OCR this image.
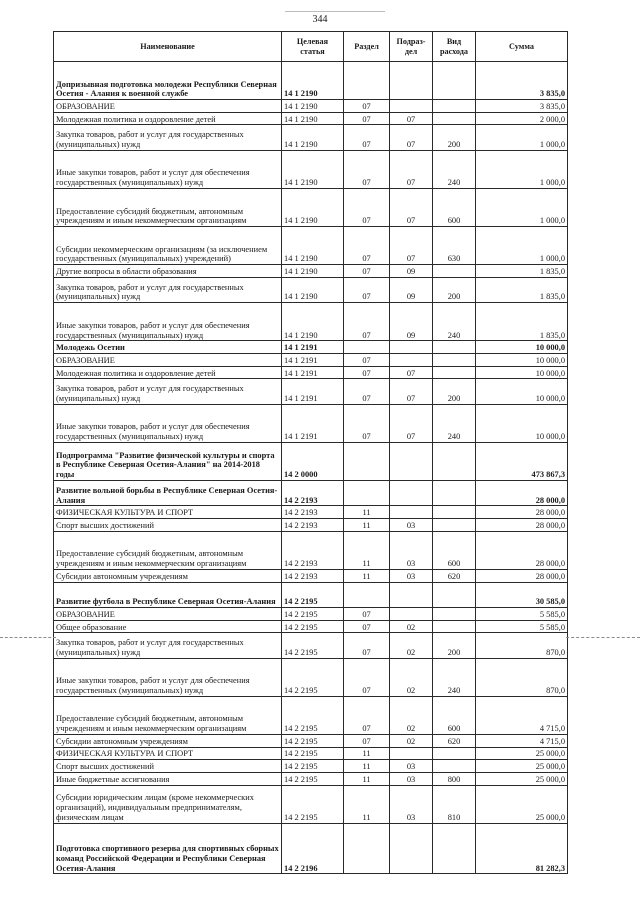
344
Наименование	Целевая статья	Раздел	Подраз-дел	Вид расхода	Сумма
Допризывная подготовка молодежи Республики Северная Осетия - Алания к военной службе	14 1 2190				3 835,0
ОБРАЗОВАНИЕ	14 1 2190	07			3 835,0
Молодежная политика и оздоровление детей	14 1 2190	07	07		2 000,0
Закупка товаров, работ и услуг для государственных (муниципальных) нужд	14 1 2190	07	07	200	1 000,0
Иные закупки товаров, работ и услуг для обеспечения государственных (муниципальных) нужд	14 1 2190	07	07	240	1 000,0
Предоставление субсидий бюджетным, автономным учреждениям и иным некоммерческим организациям	14 1 2190	07	07	600	1 000,0
Субсидии некоммерческим организациям (за исключением государственных (муниципальных) учреждений)	14 1 2190	07	07	630	1 000,0
Другие вопросы в области образования	14 1 2190	07	09		1 835,0
Закупка товаров, работ и услуг для государственных (муниципальных) нужд	14 1 2190	07	09	200	1 835,0
Иные закупки товаров, работ и услуг для обеспечения государственных (муниципальных) нужд	14 1 2190	07	09	240	1 835,0
Молодежь Осетии	14 1 2191				10 000,0
ОБРАЗОВАНИЕ	14 1 2191	07			10 000,0
Молодежная политика и оздоровление детей	14 1 2191	07	07		10 000,0
Закупка товаров, работ и услуг для государственных (муниципальных) нужд	14 1 2191	07	07	200	10 000,0
Иные закупки товаров, работ и услуг для обеспечения государственных (муниципальных) нужд	14 1 2191	07	07	240	10 000,0
Подпрограмма "Развитие физической культуры и спорта в Республике Северная Осетия-Алания" на 2014-2018 годы	14 2 0000				473 867,3
Развитие вольной борьбы в Республике Северная Осетия-Алания	14 2 2193				28 000,0
ФИЗИЧЕСКАЯ КУЛЬТУРА И СПОРТ	14 2 2193	11			28 000,0
Спорт высших достижений	14 2 2193	11	03		28 000,0
Предоставление субсидий бюджетным, автономным учреждениям и иным некоммерческим организациям	14 2 2193	11	03	600	28 000,0
Субсидии автономным учреждениям	14 2 2193	11	03	620	28 000,0
Развитие футбола в Республике Северная Осетия-Алания	14 2 2195				30 585,0
ОБРАЗОВАНИЕ	14 2 2195	07			5 585,0
Общее образование	14 2 2195	07	02		5 585,0
Закупка товаров, работ и услуг для государственных (муниципальных) нужд	14 2 2195	07	02	200	870,0
Иные закупки товаров, работ и услуг для обеспечения государственных (муниципальных) нужд	14 2 2195	07	02	240	870,0
Предоставление субсидий бюджетным, автономным учреждениям и иным некоммерческим организациям	14 2 2195	07	02	600	4 715,0
Субсидии автономным учреждениям	14 2 2195	07	02	620	4 715,0
ФИЗИЧЕСКАЯ КУЛЬТУРА И СПОРТ	14 2 2195	11			25 000,0
Спорт высших достижений	14 2 2195	11	03		25 000,0
Иные бюджетные ассигнования	14 2 2195	11	03	800	25 000,0
Субсидии юридическим лицам (кроме некоммерческих организаций), индивидуальным предпринимателям, физическим лицам	14 2 2195	11	03	810	25 000,0
Подготовка спортивного резерва для спортивных сборных команд Российской Федерации и Республики Северная Осетия-Алания	14 2 2196				81 282,3
